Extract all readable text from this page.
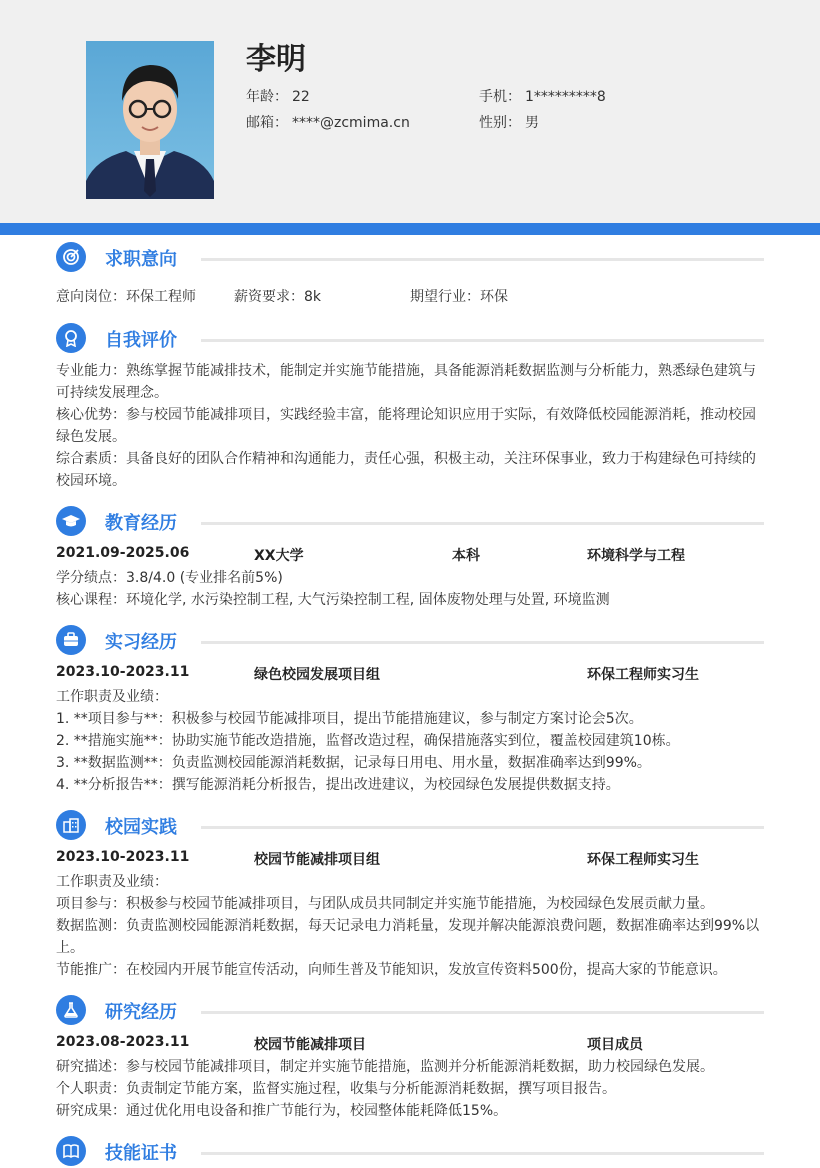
李明
年龄： 22	手机： 1*********8
邮箱： ****@zcmima.cn	性别： 男
求职意向
意向岗位：环保工程师	薪资要求：8k	期望行业：环保
自我评价
专业能力：熟练掌握节能减排技术，能制定并实施节能措施，具备能源消耗数据监测与分析能力，熟悉绿色建筑与可持续发展理念。
核心优势：参与校园节能减排项目，实践经验丰富，能将理论知识应用于实际，有效降低校园能源消耗，推动校园绿色发展。
综合素质：具备良好的团队合作精神和沟通能力，责任心强，积极主动，关注环保事业，致力于构建绿色可持续的校园环境。
教育经历
2021.09-2025.06	XX大学	本科	环境科学与工程
学分绩点：3.8/4.0 (专业排名前5%)
核心课程：环境化学, 水污染控制工程, 大气污染控制工程, 固体废物处理与处置, 环境监测
实习经历
2023.10-2023.11	绿色校园发展项目组	环保工程师实习生
工作职责及业绩：
1. **项目参与**：积极参与校园节能减排项目，提出节能措施建议，参与制定方案讨论会5次。
2. **措施实施**：协助实施节能改造措施，监督改造过程，确保措施落实到位，覆盖校园建筑10栋。
3. **数据监测**：负责监测校园能源消耗数据，记录每日用电、用水量，数据准确率达到99%。
4. **分析报告**：撰写能源消耗分析报告，提出改进建议，为校园绿色发展提供数据支持。
校园实践
2023.10-2023.11	校园节能减排项目组	环保工程师实习生
工作职责及业绩：
项目参与：积极参与校园节能减排项目，与团队成员共同制定并实施节能措施，为校园绿色发展贡献力量。
数据监测：负责监测校园能源消耗数据，每天记录电力消耗量，发现并解决能源浪费问题，数据准确率达到99%以上。
节能推广：在校园内开展节能宣传活动，向师生普及节能知识，发放宣传资料500份，提高大家的节能意识。
研究经历
2023.08-2023.11	校园节能减排项目	项目成员
研究描述：参与校园节能减排项目，制定并实施节能措施，监测并分析能源消耗数据，助力校园绿色发展。
个人职责：负责制定节能方案，监督实施过程，收集与分析能源消耗数据，撰写项目报告。
研究成果：通过优化用电设备和推广节能行为，校园整体能耗降低15%。
技能证书
